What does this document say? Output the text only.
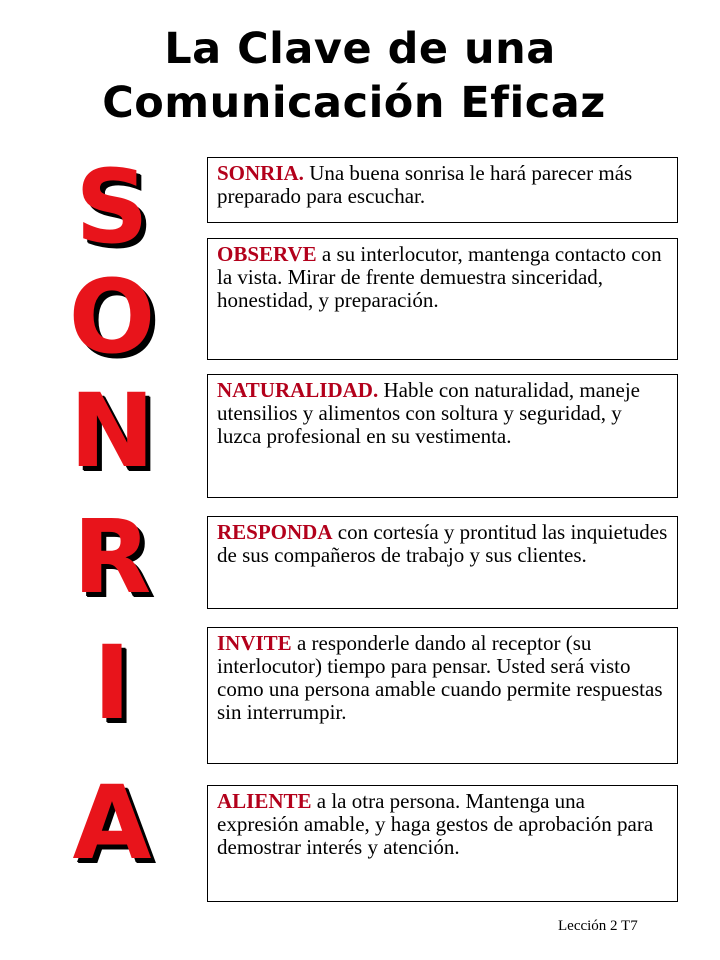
La Clave de una
Comunicación Eficaz
S
O
N
R
I
A
SONRIA. Una buena sonrisa le hará parecer más preparado para escuchar.
OBSERVE a su interlocutor, mantenga contacto con la vista. Mirar de frente demuestra sinceridad, honestidad, y preparación.
NATURALIDAD. Hable con naturalidad, maneje utensilios y alimentos con soltura y seguridad, y luzca profesional en su vestimenta.
RESPONDA con cortesía y prontitud las inquietudes de sus compañeros de trabajo y sus clientes.
INVITE a responderle dando al receptor (su interlocutor) tiempo para pensar. Usted será visto como una persona amable cuando permite respuestas sin interrumpir.
ALIENTE a la otra persona. Mantenga una expresión amable, y haga gestos de aprobación para demostrar interés y atención.
Lección 2 T7
